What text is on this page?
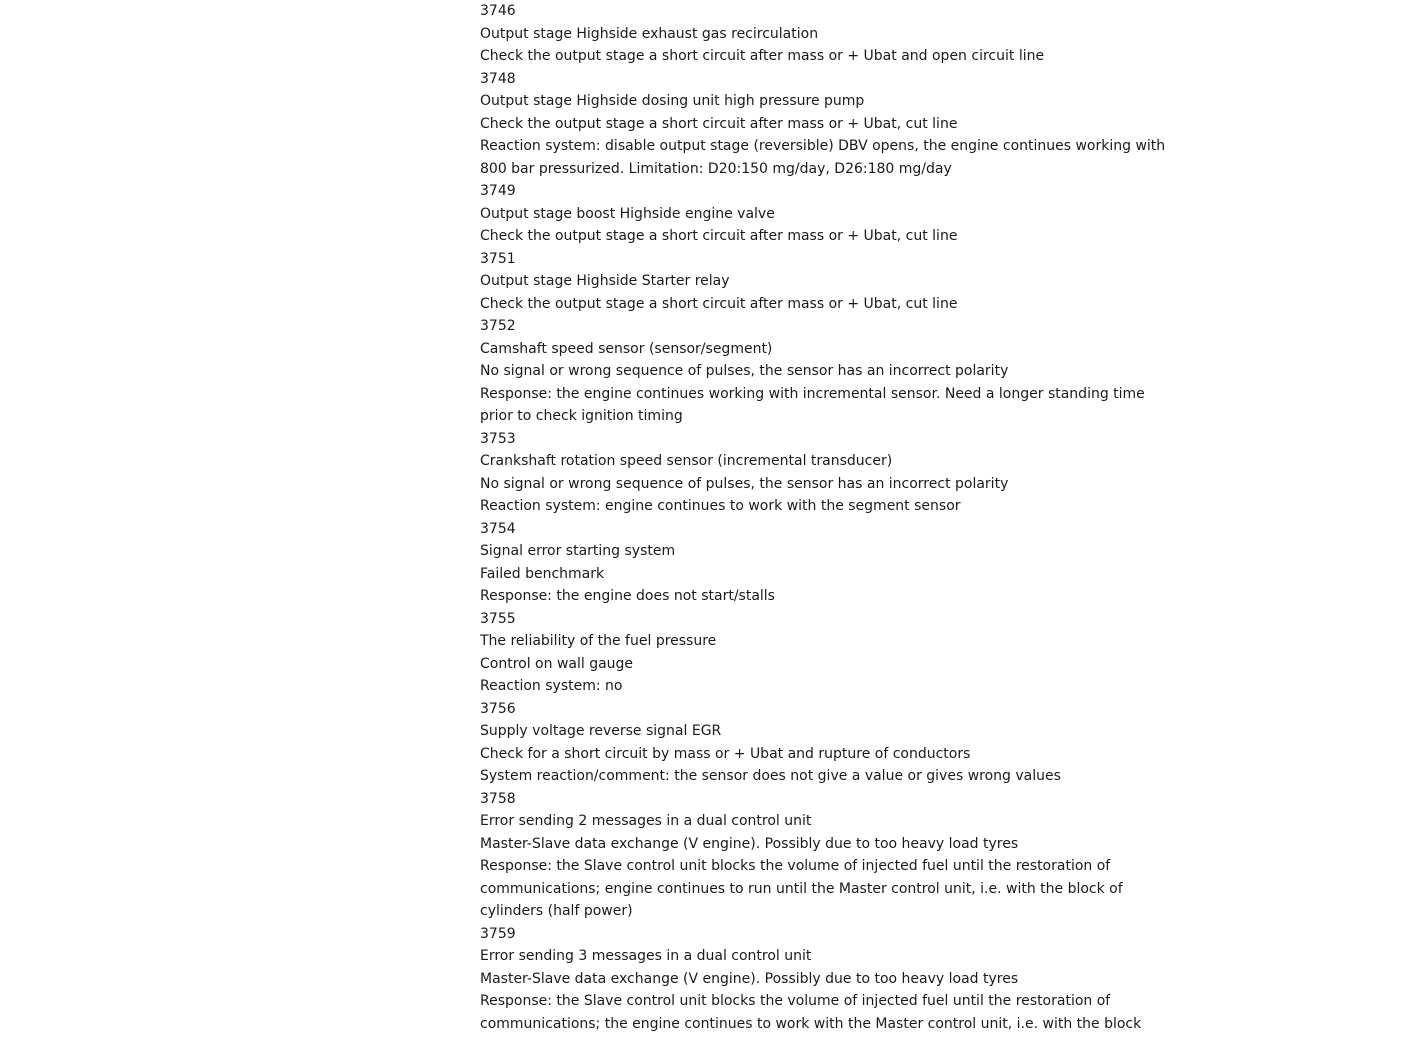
3746
Output stage Highside exhaust gas recirculation
Check the output stage a short circuit after mass or + Ubat and open circuit line
3748
Output stage Highside dosing unit high pressure pump
Check the output stage a short circuit after mass or + Ubat, cut line
Reaction system: disable output stage (reversible) DBV opens, the engine continues working with
800 bar pressurized. Limitation: D20:150 mg/day, D26:180 mg/day
3749
Output stage boost Highside engine valve
Check the output stage a short circuit after mass or + Ubat, cut line
3751
Output stage Highside Starter relay
Check the output stage a short circuit after mass or + Ubat, cut line
3752
Camshaft speed sensor (sensor/segment)
No signal or wrong sequence of pulses, the sensor has an incorrect polarity
Response: the engine continues working with incremental sensor. Need a longer standing time
prior to check ignition timing
3753
Crankshaft rotation speed sensor (incremental transducer)
No signal or wrong sequence of pulses, the sensor has an incorrect polarity
Reaction system: engine continues to work with the segment sensor
3754
Signal error starting system
Failed benchmark
Response: the engine does not start/stalls
3755
The reliability of the fuel pressure
Control on wall gauge
Reaction system: no
3756
Supply voltage reverse signal EGR
Check for a short circuit by mass or + Ubat and rupture of conductors
System reaction/comment: the sensor does not give a value or gives wrong values
3758
Error sending 2 messages in a dual control unit
Master-Slave data exchange (V engine). Possibly due to too heavy load tyres
Response: the Slave control unit blocks the volume of injected fuel until the restoration of
communications; engine continues to run until the Master control unit, i.e. with the block of
cylinders (half power)
3759
Error sending 3 messages in a dual control unit
Master-Slave data exchange (V engine). Possibly due to too heavy load tyres
Response: the Slave control unit blocks the volume of injected fuel until the restoration of
communications; the engine continues to work with the Master control unit, i.e. with the block
